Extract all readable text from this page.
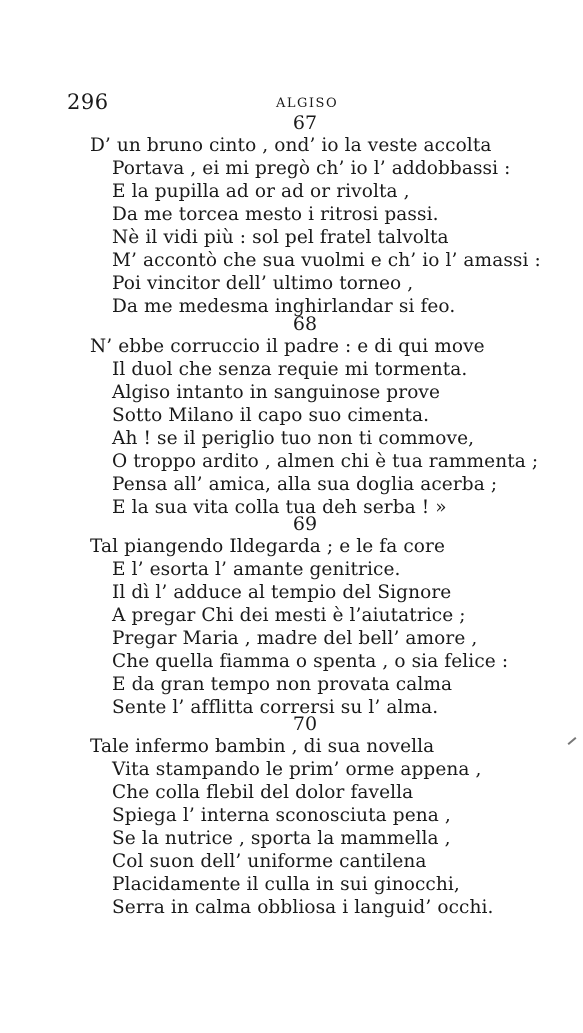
296	ALGISO
67
D’ un bruno cinto , ond’ io la veste accolta
Portava , ei mi pregò ch’ io l’ addobbassi :
E la pupilla ad or ad or rivolta ,
Da me torcea mesto i ritrosi passi.
Nè il vidi più : sol pel fratel talvolta
M’ accontò che sua vuolmi e ch’ io l’ amassi :
Poi vincitor dell’ ultimo torneo ,
Da me medesma inghirlandar si feo.
68
N’ ebbe corruccio il padre : e di qui move
Il duol che senza requie mi tormenta.
Algiso intanto in sanguinose prove
Sotto Milano il capo suo cimenta.
Ah ! se il periglio tuo non ti commove,
O troppo ardito , almen chi è tua rammenta ;
Pensa all’ amica, alla sua doglia acerba ;
E la sua vita colla tua deh serba ! »
69
Tal piangendo Ildegarda ; e le fa core
E l’ esorta l’ amante genitrice.
Il dì l’ adduce al tempio del Signore
A pregar Chi dei mesti è l’aiutatrice ;
Pregar Maria , madre del bell’ amore ,
Che quella fiamma o spenta , o sia felice :
E da gran tempo non provata calma
Sente l’ afflitta corrersi su l’ alma.
70
Tale infermo bambin , di sua novella
Vita stampando le prim’ orme appena ,
Che colla flebil del dolor favella
Spiega l’ interna sconosciuta pena ,
Se la nutrice , sporta la mammella ,
Col suon dell’ uniforme cantilena
Placidamente il culla in sui ginocchi,
Serra in calma obbliosa i languid’ occhi.
